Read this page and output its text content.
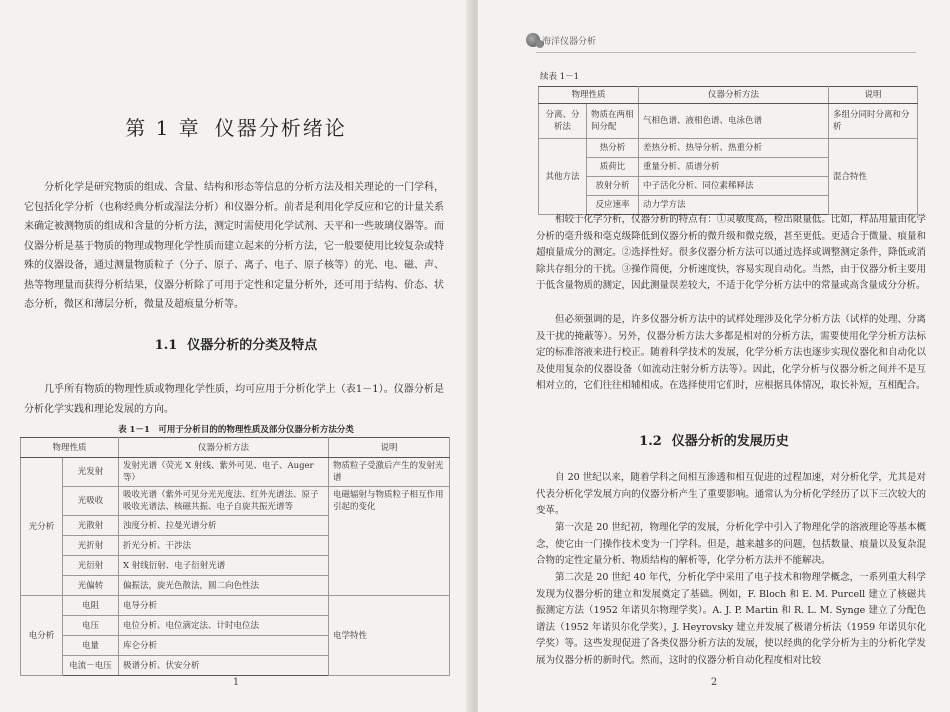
第 1 章 仪器分析绪论

分析化学是研究物质的组成、含量、结构和形态等信息的分析方法及相关理论的一门学科，它包括化学分析（也称经典分析或湿法分析）和仪器分析。前者是利用化学反应和它的计量关系来确定被测物质的组成和含量的分析方法，测定时需使用化学试剂、天平和一些玻璃仪器等。而仪器分析是基于物质的物理或物理化学性质而建立起来的分析方法，它一般要使用比较复杂或特殊的仪器设备，通过测量物质粒子（分子、原子、离子、电子、原子核等）的光、电、磁、声、热等物理量而获得分析结果，仪器分析除了可用于定性和定量分析外，还可用于结构、价态、状态分析，微区和薄层分析，微量及超痕量分析等。

1.1 仪器分析的分类及特点

几乎所有物质的物理性质或物理化学性质，均可应用于分析化学上（表1－1）。仪器分析是分析化学实践和理论发展的方向。

表 1－1　可用于分析目的的物理性质及部分仪器分析方法分类
物理性质		仪器分析方法	说明
光分析	光发射	发射光谱（荧光 X 射线、紫外可见、电子、Auger 等）	物质粒子受激后产生的发射光谱
	光吸收	吸收光谱（紫外可见分光光度法、红外光谱法、原子吸收光谱法、核磁共振、电子自旋共振光谱等	电磁辐射与物质粒子相互作用引起的变化
	光散射	浊度分析、拉曼光谱分析	
	光折射	折光分析、干涉法	
	光衍射	X 射线衍射、电子衍射光谱	
	光偏转	偏振法，旋光色散法，圆二向色性法	
电分析	电阻	电导分析	电学特性
	电压	电位分析、电位滴定法、计时电位法	
	电量	库仑分析	
	电流－电压	极谱分析、伏安分析	
1
海洋仪器分析
续表 1－1
物理性质		仪器分析方法	说明
分离、分析法	物质在两相间分配	气相色谱、液相色谱、电泳色谱	多组分同时分离和分析
其他方法	热分析	差热分析、热导分析、热重分析	混合特性
	质荷比	重量分析、质谱分析	
	放射分析	中子活化分析、同位素稀释法	
	反应速率	动力学方法	

相较于化学分析，仪器分析的特点有：①灵敏度高，检出限量低。比如，样品用量由化学分析的毫升级和毫克级降低到仪器分析的微升级和微克级，甚至更低。更适合于微量、痕量和超痕量成分的测定。②选择性好。很多仪器分析方法可以通过选择或调整测定条件，降低或消除共存组分的干扰。③操作简便，分析速度快，容易实现自动化。当然，由于仪器分析主要用于低含量物质的测定，因此测量误差较大，不适于化学分析方法中的常量或高含量成分分析。

但必须强调的是，许多仪器分析方法中的试样处理涉及化学分析方法（试样的处理、分离及干扰的掩蔽等）。另外，仪器分析方法大多都是相对的分析方法，需要使用化学分析方法标定的标准溶液来进行校正。随着科学技术的发展，化学分析方法也逐步实现仪器化和自动化以及使用复杂的仪器设备（如流动注射分析方法等）。因此，化学分析与仪器分析之间并不是互相对立的，它们往往相辅相成。在选择使用它们时，应根据具体情况，取长补短，互相配合。

1.2 仪器分析的发展历史

自 20 世纪以来，随着学科之间相互渗透和相互促进的过程加速，对分析化学，尤其是对代表分析化学发展方向的仪器分析产生了重要影响。通常认为分析化学经历了以下三次较大的变革。

第一次是 20 世纪初，物理化学的发展，分析化学中引入了物理化学的溶液理论等基本概念，使它由一门操作技术变为一门学科。但是，越来越多的问题，包括数量、痕量以及复杂混合物的定性定量分析、物质结构的解析等，化学分析方法并不能解决。

第二次是 20 世纪 40 年代，分析化学中采用了电子技术和物理学概念，一系列重大科学发现为仪器分析的建立和发展奠定了基础。例如，F. Bloch 和 E. M. Purcell 建立了核磁共振测定方法（1952 年诺贝尔物理学奖）。A. J. P. Martin 和 R. L. M. Synge 建立了分配色谱法（1952 年诺贝尔化学奖），J. Heyrovsky 建立并发展了极谱分析法（1959 年诺贝尔化学奖）等。这些发现促进了各类仪器分析方法的发展，使以经典的化学分析为主的分析化学发展为仪器分析的新时代。然而，这时的仪器分析自动化程度相对比较

2
